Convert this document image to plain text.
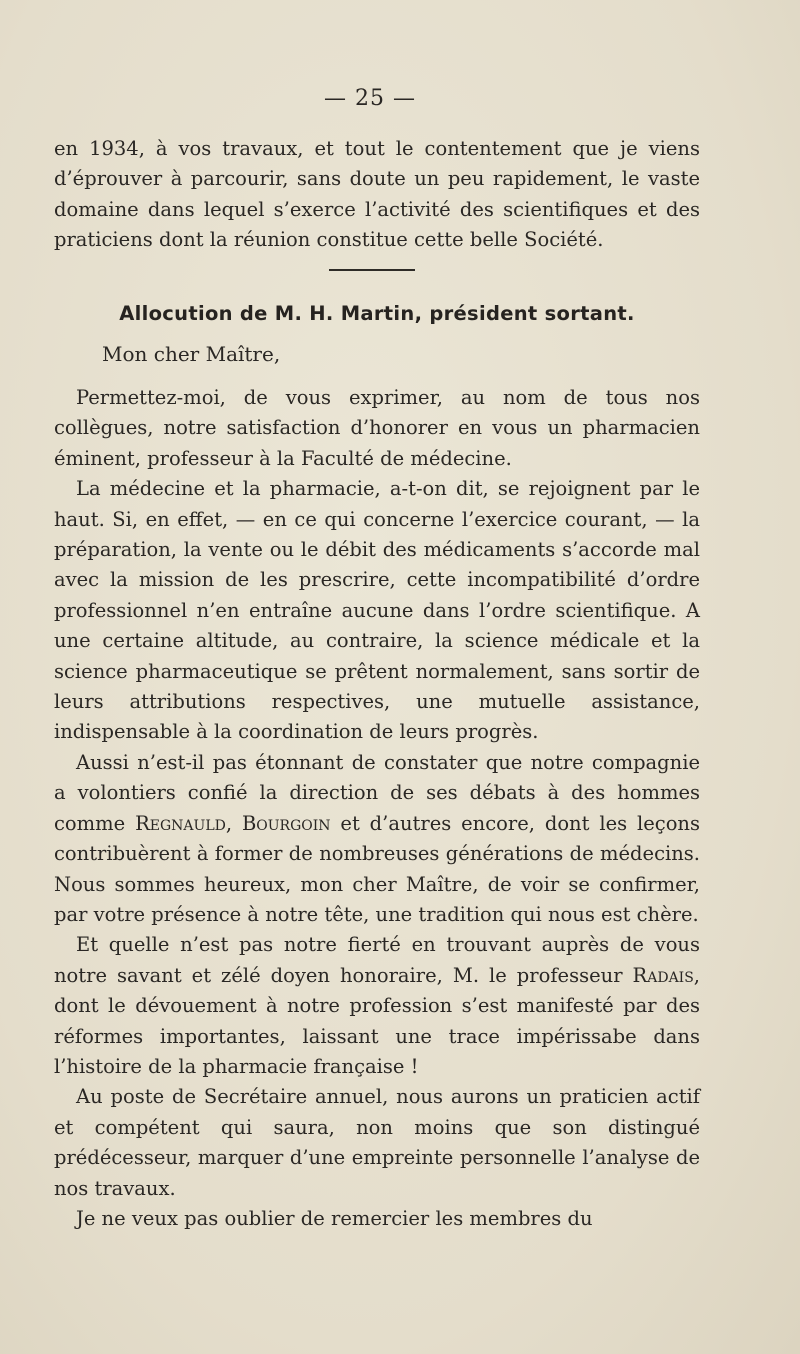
— 25 —

en 1934, à vos travaux, et tout le contentement que je viens d’éprouver à parcourir, sans doute un peu rapidement, le vaste domaine dans lequel s’exerce l’activité des scientifiques et des praticiens dont la réunion constitue cette belle Société.

Allocution de M. H. Martin, président sortant.
Mon cher Maître,

Permettez-moi, de vous exprimer, au nom de tous nos collègues, notre satisfaction d’honorer en vous un pharmacien éminent, professeur à la Faculté de médecine.

La médecine et la pharmacie, a-t-on dit, se rejoignent par le haut. Si, en effet, — en ce qui concerne l’exercice courant, — la préparation, la vente ou le débit des médicaments s’accorde mal avec la mission de les prescrire, cette incompatibilité d’ordre professionnel n’en entraîne aucune dans l’ordre scientifique. A une certaine altitude, au contraire, la science médicale et la science pharmaceutique se prêtent normalement, sans sortir de leurs attributions respectives, une mutuelle assistance, indispensable à la coordination de leurs progrès.

Aussi n’est-il pas étonnant de constater que notre compagnie a volontiers confié la direction de ses débats à des hommes comme Regnauld, Bourgoin et d’autres encore, dont les leçons contribuèrent à former de nombreuses générations de médecins. Nous sommes heureux, mon cher Maître, de voir se confirmer, par votre présence à notre tête, une tradition qui nous est chère.

Et quelle n’est pas notre fierté en trouvant auprès de vous notre savant et zélé doyen honoraire, M. le professeur Radais, dont le dévouement à notre profession s’est manifesté par des réformes importantes, laissant une trace impérissabe dans l’histoire de la pharmacie française !

Au poste de Secrétaire annuel, nous aurons un praticien actif et compétent qui saura, non moins que son distingué prédécesseur, marquer d’une empreinte personnelle l’analyse de nos travaux.

Je ne veux pas oublier de remercier les membres du
